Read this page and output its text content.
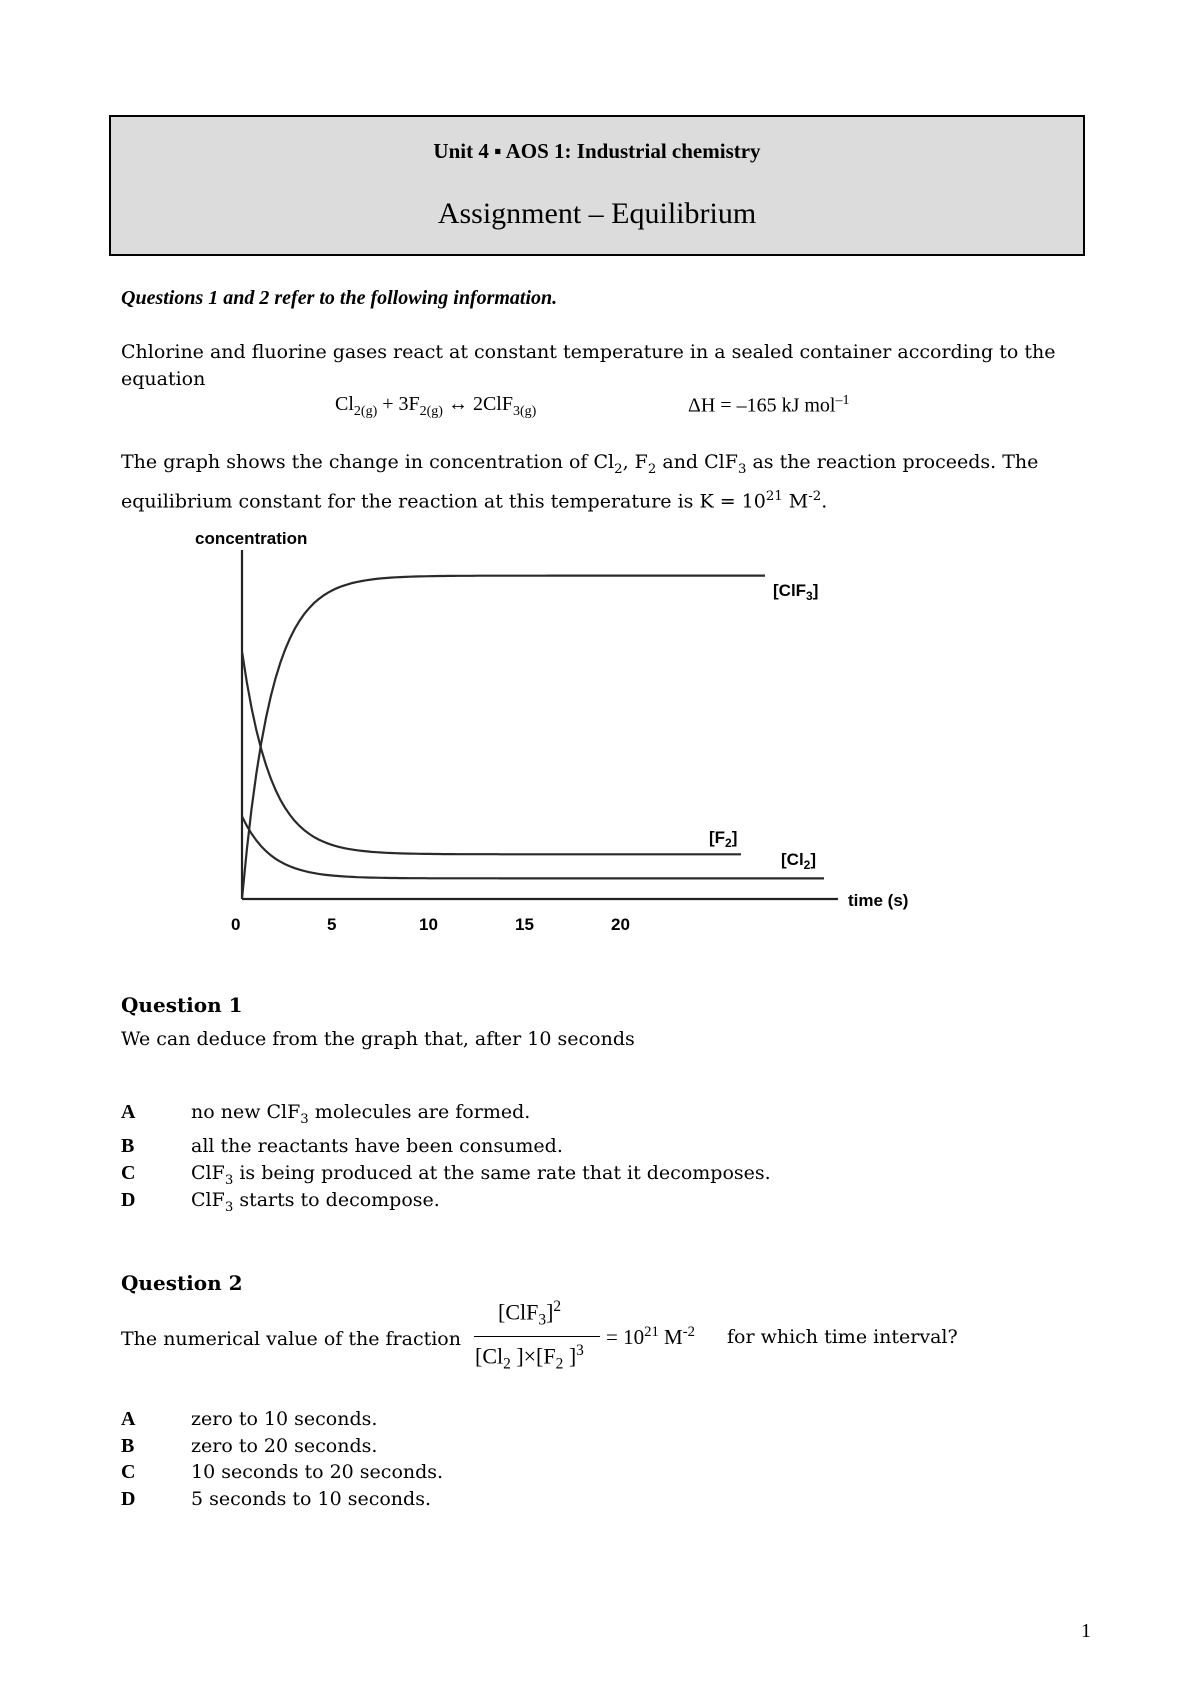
Unit 4 ▪ AOS 1: Industrial chemistry
Assignment – Equilibrium
Questions 1 and 2 refer to the following information.
Chlorine and fluorine gases react at constant temperature in a sealed container according to the
equation
$Cl_{2(g)} + 3F_{2(g)}$ ↔ 2ClF$_{3(g)}$	ΔH = –165 kJ mol$^{-1}$
The graph shows the change in concentration of $Cl_2$, $F_2$ and ClF$_3$ as the reaction proceeds. The
equilibrium constant for the reaction at this temperature is $K = 10^{21}$ $M^{-2}$.
concentration
time (s)
0	5	10	15	20
[ClF$_3$]
$[F_2]$
$[Cl_2]$
Question 1
We can deduce from the graph that, after 10 seconds
A	no new ClF$_3$ molecules are formed.
B	all the reactants have been consumed.
C	ClF$_3$ is being produced at the same rate that it decomposes.
D	ClF$_3$ starts to decompose.
Question 2
The numerical value of the fraction
$[ClF_3]^2$
[$Cl_2$ ]$\times[F_2$ ]$^3$
= $10^{21}$ $M^{-2}$ for which time interval?
A	zero to 10 seconds.
B	zero to 20 seconds.
C	10 seconds to 20 seconds.
D	5 seconds to 10 seconds.
1
